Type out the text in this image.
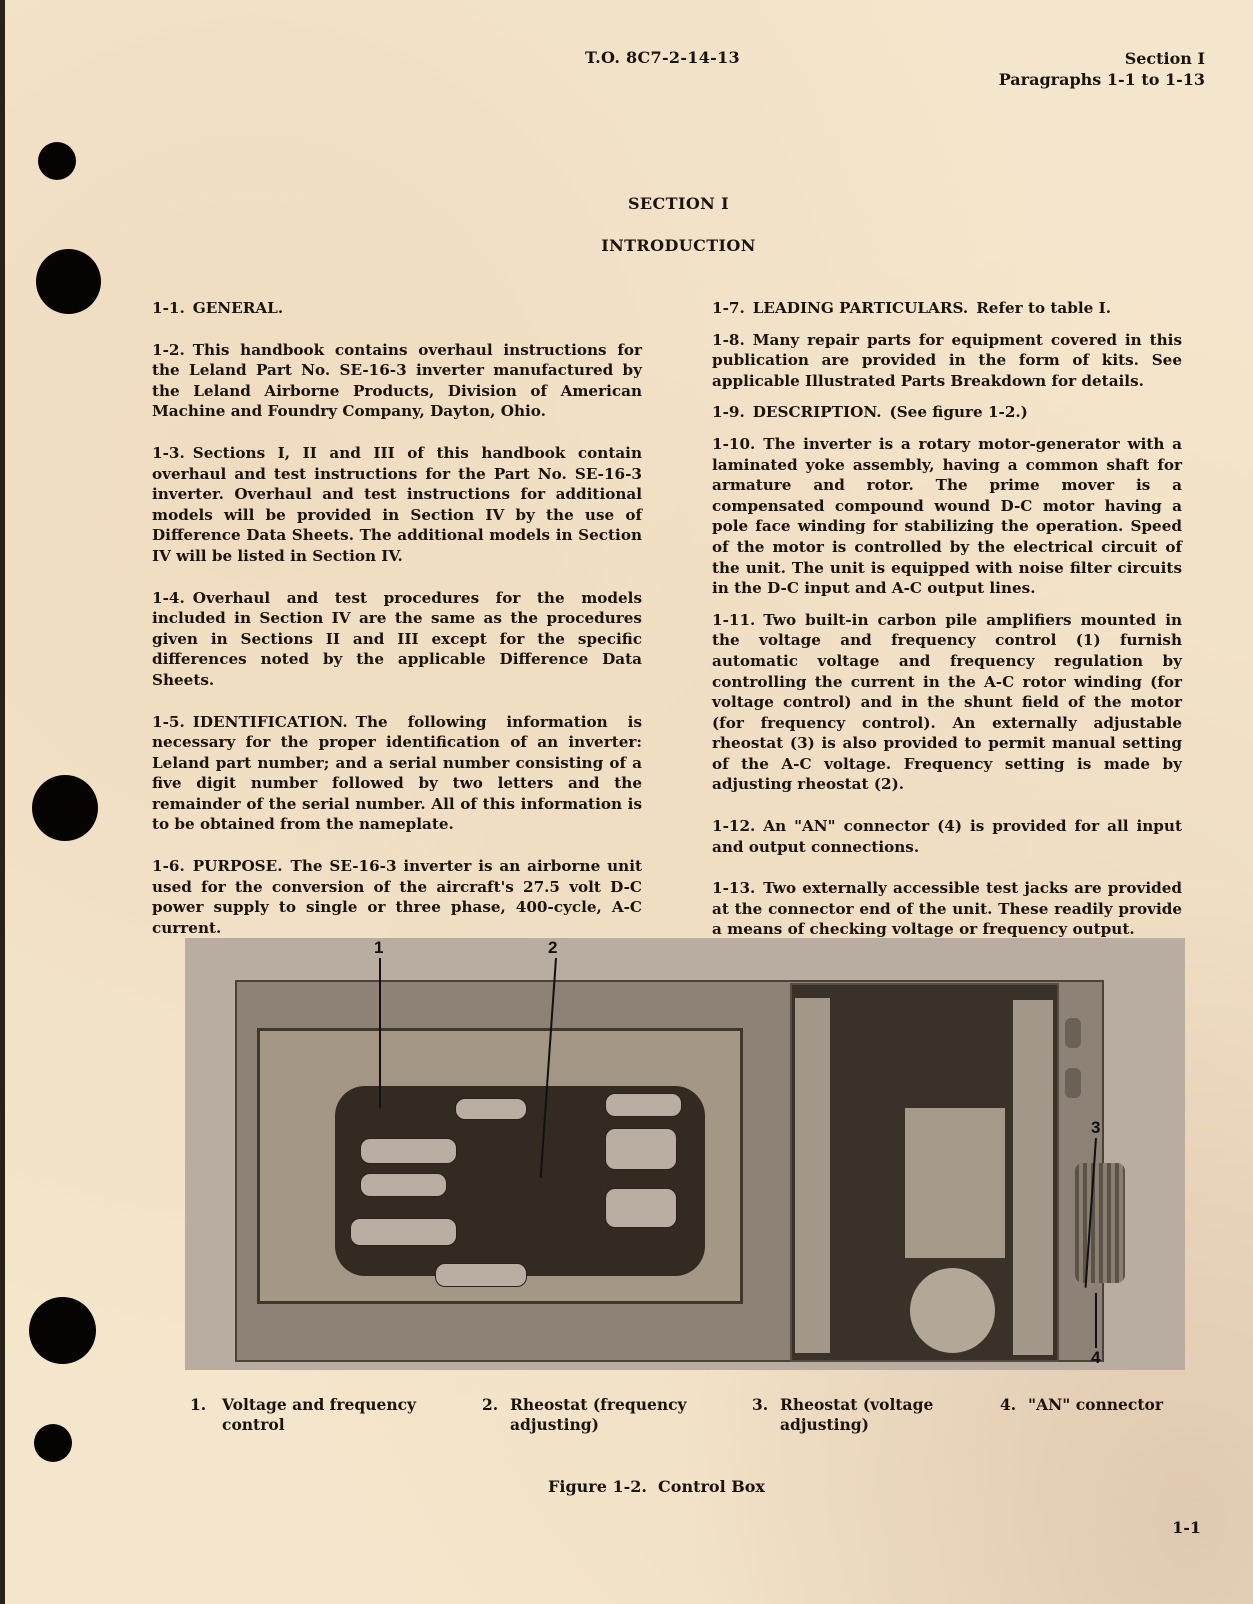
T.O. 8C7-2-14-13	Section I
Paragraphs 1-1 to 1-13
SECTION I
INTRODUCTION

1-1. GENERAL.

1-2. This handbook contains overhaul instructions for the Leland Part No. SE-16-3 inverter manufactured by the Leland Airborne Products, Division of American Machine and Foundry Company, Dayton, Ohio.

1-3. Sections I, II and III of this handbook contain overhaul and test instructions for the Part No. SE-16-3 inverter. Overhaul and test instructions for additional models will be provided in Section IV by the use of Difference Data Sheets. The additional models in Section IV will be listed in Section IV.

1-4. Overhaul and test procedures for the models included in Section IV are the same as the procedures given in Sections II and III except for the specific differences noted by the applicable Difference Data Sheets.

1-5. IDENTIFICATION. The following information is necessary for the proper identification of an inverter: Leland part number; and a serial number consisting of a five digit number followed by two letters and the remainder of the serial number. All of this information is to be obtained from the nameplate.

1-6. PURPOSE. The SE-16-3 inverter is an airborne unit used for the conversion of the aircraft's 27.5 volt D-C power supply to single or three phase, 400-cycle, A-C current.

1-7. LEADING PARTICULARS. Refer to table I.

1-8. Many repair parts for equipment covered in this publication are provided in the form of kits. See applicable Illustrated Parts Breakdown for details.

1-9. DESCRIPTION. (See figure 1-2.)

1-10. The inverter is a rotary motor-generator with a laminated yoke assembly, having a common shaft for armature and rotor. The prime mover is a compensated compound wound D-C motor having a pole face winding for stabilizing the operation. Speed of the motor is controlled by the electrical circuit of the unit. The unit is equipped with noise filter circuits in the D-C input and A-C output lines.

1-11. Two built-in carbon pile amplifiers mounted in the voltage and frequency control (1) furnish automatic voltage and frequency regulation by controlling the current in the A-C rotor winding (for voltage control) and in the shunt field of the motor (for frequency control). An externally adjustable rheostat (3) is also provided to permit manual setting of the A-C voltage. Frequency setting is made by adjusting rheostat (2).

1-12. An "AN" connector (4) is provided for all input and output connections.

1-13. Two externally accessible test jacks are provided at the connector end of the unit. These readily provide a means of checking voltage or frequency output.

1	2
3
4
1. Voltage and frequency control
2. Rheostat (frequency adjusting)
3. Rheostat (voltage adjusting)
4. "AN" connector
Figure 1-2.  Control Box
1-1
